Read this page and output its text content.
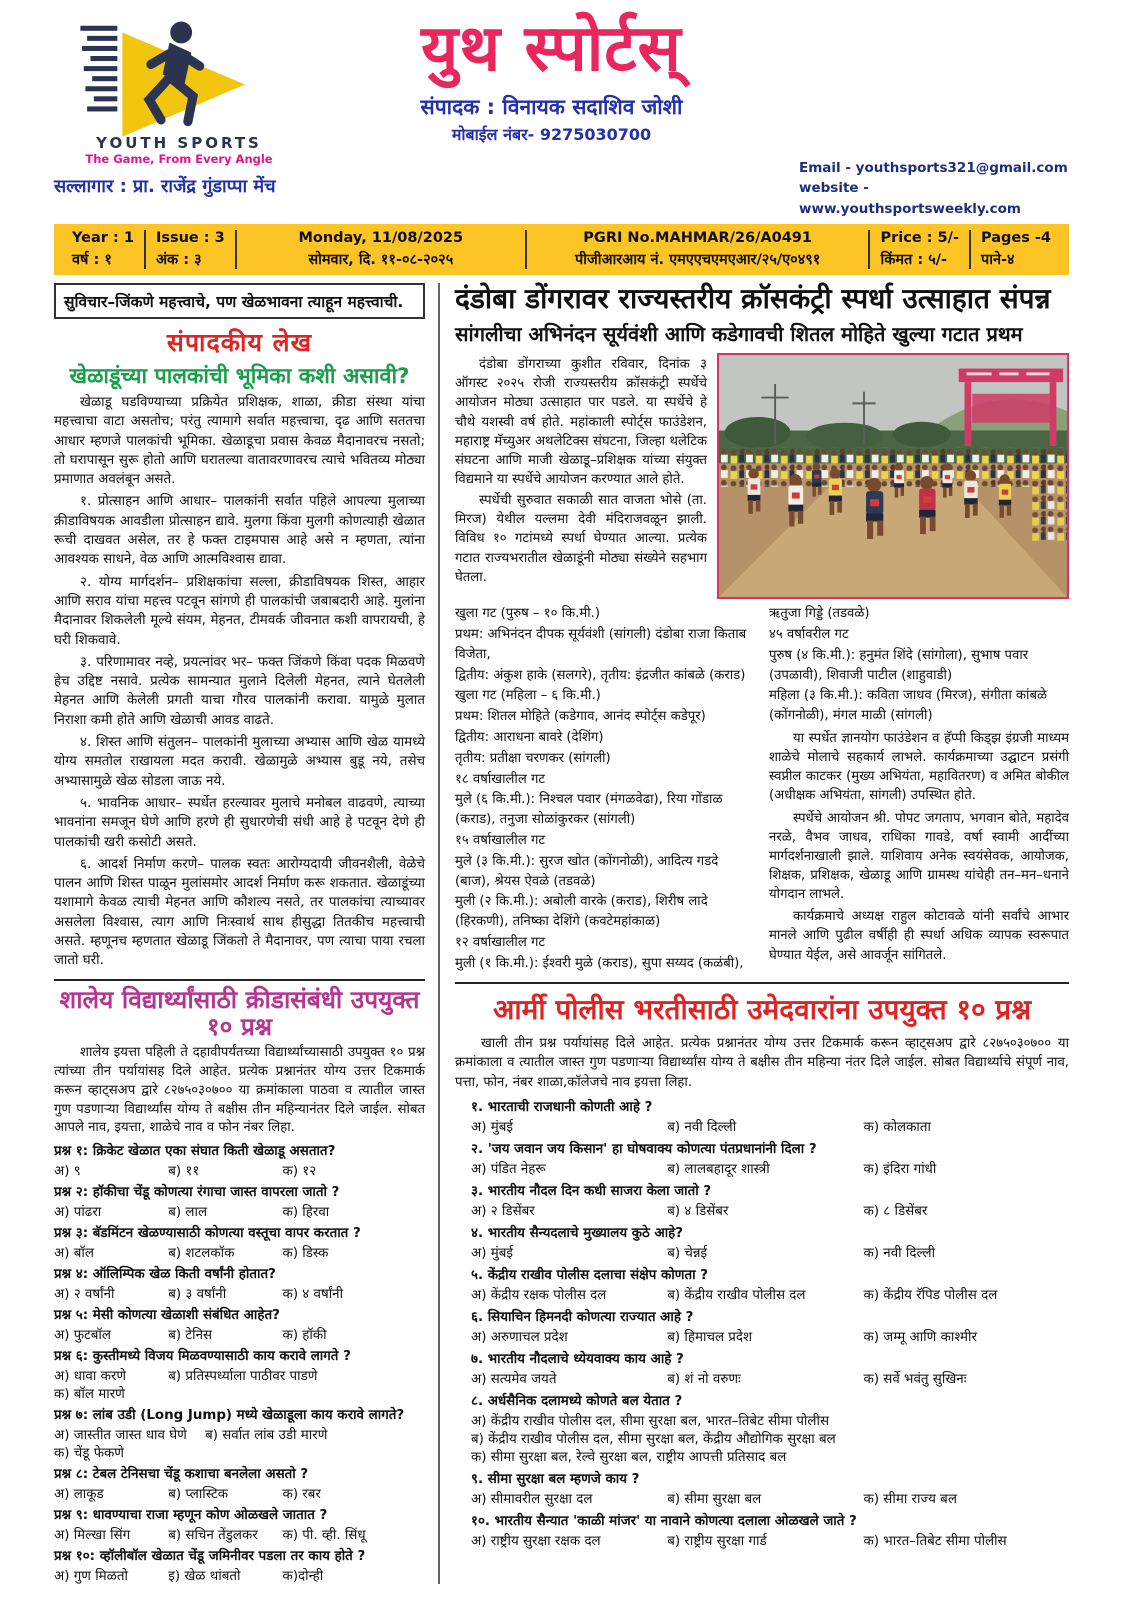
YOUTH SPORTS
The Game, From Every Angle
सल्लागार : प्रा. राजेंद्र गुंडाप्पा मेंच
युथ स्पोर्टस्
संपादक : विनायक सदाशिव जोशी
मोबाईल नंबर- 9275030700
Email - youthsports321@gmail.com
website - www.youthsportsweekly.com
Year : 1
वर्ष : १
Issue : 3
अंक : ३
Monday, 11/08/2025
सोमवार, दि. ११-०८-२०२५
PGRI No.MAHMAR/26/A0491
पीजीआरआय नं. एमएएचएमएआर/२५/ए०४९१
Price : 5/-
किंमत : ५/-
Pages -4
पाने-४
सुविचार–जिंकणे महत्त्वाचे, पण खेळभावना त्याहून महत्त्वाची.
संपादकीय लेख
खेळाडूंच्या पालकांची भूमिका कशी असावी?

खेळाडू घडविण्याच्या प्रक्रियेत प्रशिक्षक, शाळा, क्रीडा संस्था यांचा महत्त्वाचा वाटा असतोच; परंतु त्यामागे सर्वात महत्त्वाचा, दृढ आणि सततचा आधार म्हणजे पालकांची भूमिका. खेळाडूचा प्रवास केवळ मैदानावरच नसतो; तो घरापासून सुरू होतो आणि घरातल्या वातावरणावरच त्याचे भवितव्य मोठ्या प्रमाणात अवलंबून असते.

१. प्रोत्साहन आणि आधार– पालकांनी सर्वात पहिले आपल्या मुलाच्या क्रीडाविषयक आवडीला प्रोत्साहन द्यावे. मुलगा किंवा मुलगी कोणत्याही खेळात रूची दाखवत असेल, तर हे फक्त टाइमपास आहे असे न म्हणता, त्यांना आवश्यक साधने, वेळ आणि आत्मविश्वास द्यावा.

२. योग्य मार्गदर्शन– प्रशिक्षकांचा सल्ला, क्रीडाविषयक शिस्त, आहार आणि सराव यांचा महत्त्व पटवून सांगणे ही पालकांची जबाबदारी आहे. मुलांना मैदानावर शिकलेली मूल्ये संयम, मेहनत, टीमवर्क जीवनात कशी वापरायची, हे घरी शिकवावे.

३. परिणामावर नव्हे, प्रयत्नांवर भर– फक्त जिंकणे किंवा पदक मिळवणे हेच उद्दिष्ट नसावे. प्रत्येक सामन्यात मुलाने दिलेली मेहनत, त्याने घेतलेली मेहनत आणि केलेली प्रगती याचा गौरव पालकांनी करावा. यामुळे मुलात निराशा कमी होते आणि खेळाची आवड वाढते.

४. शिस्त आणि संतुलन– पालकांनी मुलाच्या अभ्यास आणि खेळ यामध्ये योग्य समतोल राखायला मदत करावी. खेळामुळे अभ्यास बुडू नये, तसेच अभ्यासामुळे खेळ सोडला जाऊ नये.

५. भावनिक आधार– स्पर्धेत हरल्यावर मुलाचे मनोबल वाढवणे, त्याच्या भावनांना समजून घेणे आणि हरणे ही सुधारणेची संधी आहे हे पटवून देणे ही पालकांची खरी कसोटी असते.

६. आदर्श निर्माण करणे– पालक स्वतः आरोग्यदायी जीवनशैली, वेळेचे पालन आणि शिस्त पाळून मुलांसमोर आदर्श निर्माण करू शकतात. खेळाडूंच्या यशामागे केवळ त्याची मेहनत आणि कौशल्य नसते, तर पालकांचा त्याच्यावर असलेला विश्वास, त्याग आणि निःस्वार्थ साथ हीसुद्धा तितकीच महत्त्वाची असते. म्हणूनच म्हणतात खेळाडू जिंकतो ते मैदानावर, पण त्याचा पाया रचला जातो घरी.

शालेय विद्यार्थ्यांसाठी क्रीडासंबंधी उपयुक्त १० प्रश्न

शालेय इयत्ता पहिली ते दहावीपर्यंतच्या विद्यार्थ्यांच्यासाठी उपयुक्त १० प्रश्न त्यांच्या तीन पर्यायांसह दिले आहेत. प्रत्येक प्रश्नानंतर योग्य उत्तर टिकमार्क करून व्हाट्सअप द्वारे ८२७५०३०७०० या क्रमांकाला पाठवा व त्यातील जास्त गुण पडणाऱ्या विद्यार्थ्यांस योग्य ते बक्षीस तीन महिन्यानंतर दिले जाईल. सोबत आपले नाव, इयत्ता, शाळेचे नाव व फोन नंबर लिहा.

प्रश्न १: क्रिकेट खेळात एका संघात किती खेळाडू असतात?
अ) ९	ब) ११	क) १२
प्रश्न २: हॉकीचा चेंडू कोणत्या रंगाचा जास्त वापरला जातो ?
अ) पांढरा	ब) लाल	क) हिरवा
प्रश्न ३: बॅडमिंटन खेळण्यासाठी कोणत्या वस्तूचा वापर करतात ?
अ) बॉल	ब) शटलकॉक	क) डिस्क
प्रश्न ४: ऑलिम्पिक खेळ किती वर्षांनी होतात?
अ) २ वर्षांनी	ब) ३ वर्षांनी	क) ४ वर्षांनी
प्रश्न ५: मेसी कोणत्या खेळाशी संबंधित आहेत?
अ) फुटबॉल	ब) टेनिस	क) हॉकी
प्रश्न ६: कुस्तीमध्ये विजय मिळवण्यासाठी काय करावे लागते ?
अ) धावा करणे	ब) प्रतिस्पर्ध्याला पाठीवर पाडणे क) बॉल मारणे
प्रश्न ७: लांब उडी (Long Jump) मध्ये खेळाडूला काय करावे लागते?
अ) जास्तीत जास्त धाव घेणे ब) सर्वात लांब उडी मारणे क) चेंडू फेकणे
प्रश्न ८: टेबल टेनिसचा चेंडू कशाचा बनलेला असतो ?
अ) लाकूड	ब) प्लास्टिक	क) रबर
प्रश्न ९: धावण्याचा राजा म्हणून कोण ओळखले जातात ?
अ) मिल्खा सिंग	ब) सचिन तेंडुलकर क) पी. व्ही. सिंधू
प्रश्न १०: व्हॉलीबॉल खेळात चेंडू जमिनीवर पडला तर काय होते ?
अ) गुण मिळतो	इ) खेळ थांबतो	क)दोन्ही
दंडोबा डोंगरावर राज्यस्तरीय क्रॉसकंट्री स्पर्धा उत्साहात संपन्न
सांगलीचा अभिनंदन सूर्यवंशी आणि कडेगावची शितल मोहिते खुल्या गटात प्रथम

दंडोबा डोंगराच्या कुशीत रविवार, दिनांक ३ ऑगस्ट २०२५ रोजी राज्यस्तरीय क्रॉसकंट्री स्पर्धेचे आयोजन मोठ्या उत्साहात पार पडले. या स्पर्धेचे हे चौथे यशस्वी वर्ष होते. महांकाली स्पोर्ट्स फाउंडेशन, महाराष्ट्र मॅच्युअर अथलेटिक्स संघटना, जिल्हा थलेटिक संघटना आणि माजी खेळाडू–प्रशिक्षक यांच्या संयुक्त विद्यमाने या स्पर्धेचे आयोजन करण्यात आले होते.

स्पर्धेची सुरुवात सकाळी सात वाजता भोसे (ता. मिरज) येथील यल्लमा देवी मंदिराजवळून झाली. विविध १० गटांमध्ये स्पर्धा घेण्यात आल्या. प्रत्येक गटात राज्यभरातील खेळाडूंनी मोठ्या संख्येने सहभाग घेतला.

खुला गट (पुरुष – १० कि.मी.)

प्रथम: अभिनंदन दीपक सूर्यवंशी (सांगली) दंडोबा राजा किताब विजेता,

द्वितीय: अंकुश हाके (सलगरे), तृतीय: इंद्रजीत कांबळे (कराड)

खुला गट (महिला – ६ कि.मी.)

प्रथम: शितल मोहिते (कडेगाव, आनंद स्पोर्ट्स कडेपूर)

द्वितीय: आराधना बावरे (देशिंग)

तृतीय: प्रतीक्षा चरणकर (सांगली)

१८ वर्षाखालील गट

मुले (६ कि.मी.): निश्चल पवार (मंगळवेढा), रिया गोंडाळ (कराड), तनुजा सोळांकुरकर (सांगली)

१५ वर्षाखालील गट

मुले (३ कि.मी.): सुरज खोत (कोंगनोळी), आदित्य गडदे (बाज), श्रेयस ऐवळे (तडवळे)

मुली (२ कि.मी.): अबोली वारके (कराड), शिरीष लादे (हिरकणी), तनिष्का देशिंगे (कवटेमहांकाळ)

१२ वर्षाखालील गट

मुली (१ कि.मी.): ईश्वरी मुळे (कराड), सुपा सय्यद (कळंबी),

ऋतुजा गिड्डे (तडवळे)

४५ वर्षावरील गट

पुरुष (४ कि.मी.): हनुमंत शिंदे (सांगोला), सुभाष पवार (उपळावी), शिवाजी पाटील (शाहुवाडी)

महिला (३ कि.मी.): कविता जाधव (मिरज), संगीता कांबळे (कोंगनोळी), मंगल माळी (सांगली)

या स्पर्धेत ज्ञानयोग फाउंडेशन व हॅप्पी किड्झ इंग्रजी माध्यम शाळेचे मोलाचे सहकार्य लाभले. कार्यक्रमाच्या उद्घाटन प्रसंगी स्वप्नील काटकर (मुख्य अभियंता, महावितरण) व अमित बोकील (अधीक्षक अभियंता, सांगली) उपस्थित होते.

स्पर्धेचे आयोजन श्री. पोपट जगताप, भगवान बोते, महादेव नरळे, वैभव जाधव, राधिका गावडे, वर्षा स्वामी आदींच्या मार्गदर्शनाखाली झाले. याशिवाय अनेक स्वयंसेवक, आयोजक, शिक्षक, प्रशिक्षक, खेळाडू आणि ग्रामस्थ यांचेही तन–मन–धनाने योगदान लाभले.

कार्यक्रमाचे अध्यक्ष राहुल कोटावळे यांनी सर्वांचे आभार मानले आणि पुढील वर्षीही ही स्पर्धा अधिक व्यापक स्वरूपात घेण्यात येईल, असे आवर्जून सांगितले.

आर्मी पोलीस भरतीसाठी उमेदवारांना उपयुक्त १० प्रश्न

खाली तीन प्रश्न पर्यायांसह दिले आहेत. प्रत्येक प्रश्नानंतर योग्य उत्तर टिकमार्क करून व्हाट्सअप द्वारे ८२७५०३०७०० या क्रमांकाला व त्यातील जास्त गुण पडणाऱ्या विद्यार्थ्यांस योग्य ते बक्षीस तीन महिन्या नंतर दिले जाईल. सोबत विद्यार्थ्याचे संपूर्ण नाव, पत्ता, फोन, नंबर शाळा,कॉलेजचे नाव इयत्ता लिहा.

१. भारताची राजधानी कोणती आहे ?
अ) मुंबई	ब) नवी दिल्ली	क) कोलकाता
२. 'जय जवान जय किसान' हा घोषवाक्य कोणत्या पंतप्रधानांनी दिला ?
अ) पंडित नेहरू	ब) लालबहादूर शास्त्री	क) इंदिरा गांधी
३. भारतीय नौदल दिन कधी साजरा केला जातो ?
अ) २ डिसेंबर	ब) ४ डिसेंबर	क) ८ डिसेंबर
४. भारतीय सैन्यदलाचे मुख्यालय कुठे आहे?
अ) मुंबई	ब) चेन्नई	क) नवी दिल्ली
५. केंद्रीय राखीव पोलीस दलाचा संक्षेप कोणता ?
अ) केंद्रीय रक्षक पोलीस दल	ब) केंद्रीय राखीव पोलीस दल	क) केंद्रीय रॅपिड पोलीस दल
६. सियाचिन हिमनदी कोणत्या राज्यात आहे ?
अ) अरुणाचल प्रदेश	ब) हिमाचल प्रदेश	क) जम्मू आणि काश्मीर
७. भारतीय नौदलाचे ध्येयवाक्य काय आहे ?
अ) सत्यमेव जयते	ब) शं नो वरुणः	क) सर्वे भवंतु सुखिनः
८. अर्धसैनिक दलामध्ये कोणते बल येतात ?
अ) केंद्रीय राखीव पोलीस दल, सीमा सुरक्षा बल, भारत–तिबेट सीमा पोलीस ब) केंद्रीय राखीव पोलीस दल, सीमा सुरक्षा बल, केंद्रीय औद्योगिक सुरक्षा बल क) सीमा सुरक्षा बल, रेल्वे सुरक्षा बल, राष्ट्रीय आपत्ती प्रतिसाद बल
९. सीमा सुरक्षा बल म्हणजे काय ?
अ) सीमावरील सुरक्षा दल	ब) सीमा सुरक्षा बल	क) सीमा राज्य बल
१०. भारतीय सैन्यात 'काळी मांजर' या नावाने कोणत्या दलाला ओळखले जाते ?
अ) राष्ट्रीय सुरक्षा रक्षक दल	ब) राष्ट्रीय सुरक्षा गार्ड	क) भारत–तिबेट सीमा पोलीस
